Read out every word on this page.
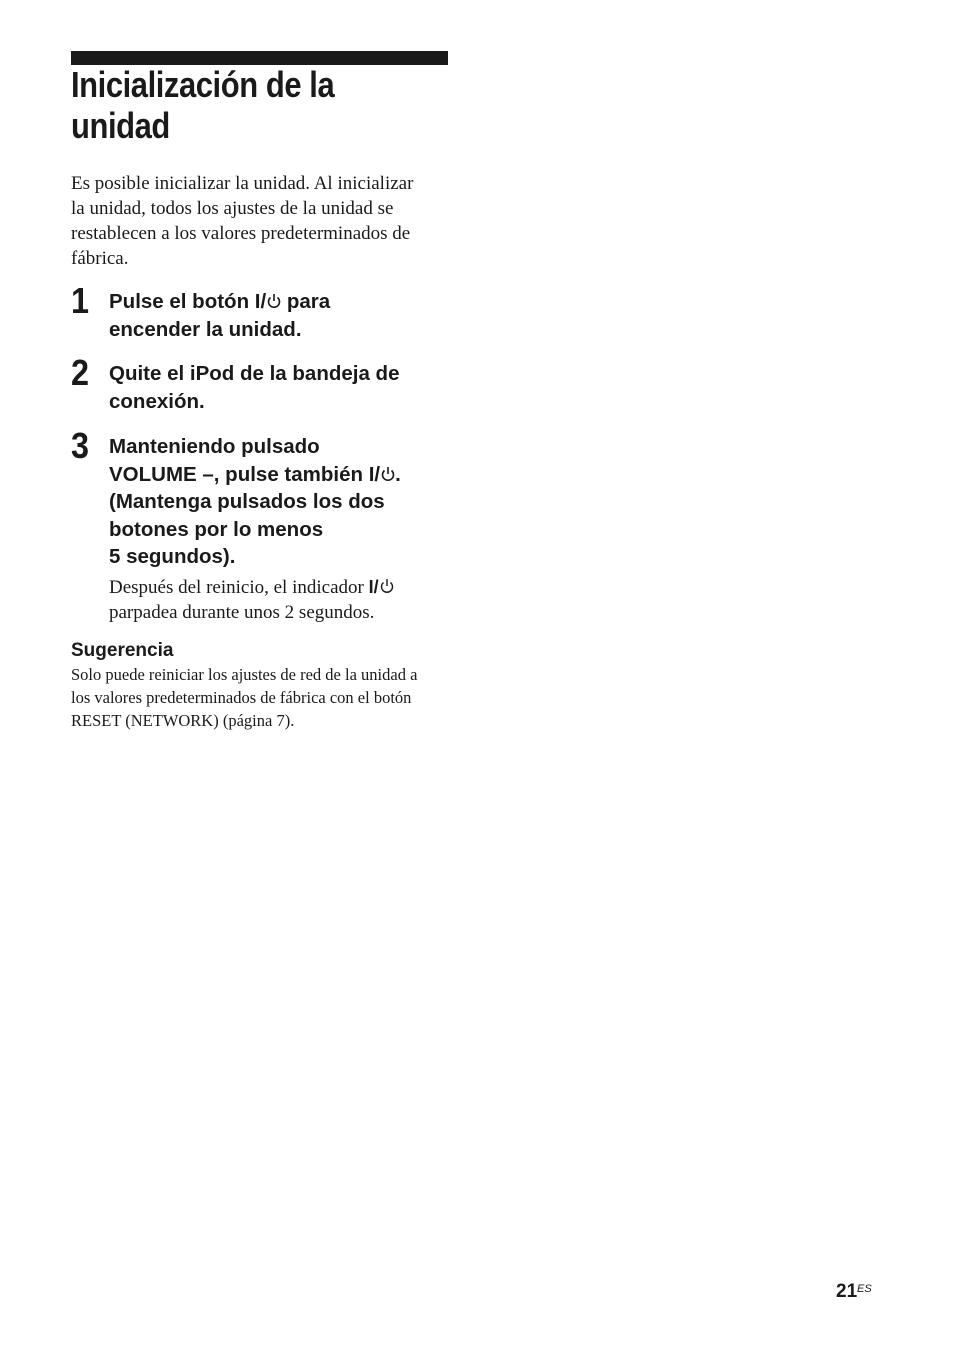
Inicialización de la
unidad
Es posible inicializar la unidad. Al inicializar
la unidad, todos los ajustes de la unidad se
restablecen a los valores predeterminados de
fábrica.
1 Pulse el botón I/ para
encender la unidad.
2 Quite el iPod de la bandeja de
conexión.
3 Manteniendo pulsado
VOLUME –, pulse también I/ .
(Mantenga pulsados los dos
botones por lo menos
5 segundos).
Después del reinicio, el indicador I/
parpadea durante unos 2 segundos.
Sugerencia
Solo puede reiniciar los ajustes de red de la unidad a
los valores predeterminados de fábrica con el botón
RESET (NETWORK) (página 7).
21 ES
